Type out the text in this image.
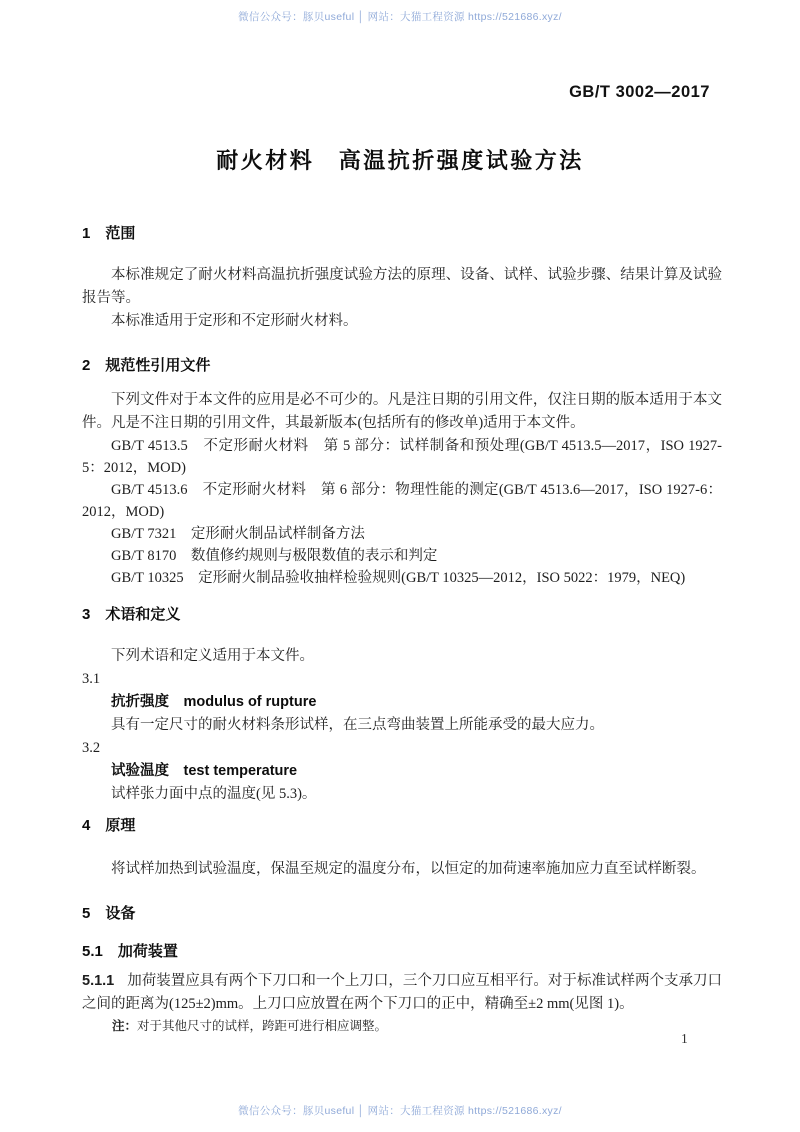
微信公众号：豚贝useful │ 网站：大猫工程资源 https://521686.xyz/
GB/T 3002—2017
耐火材料　高温抗折强度试验方法

1　范围

本标准规定了耐火材料高温抗折强度试验方法的原理、设备、试样、试验步骤、结果计算及试验报告等。

本标准适用于定形和不定形耐火材料。

2　规范性引用文件

下列文件对于本文件的应用是必不可少的。凡是注日期的引用文件，仅注日期的版本适用于本文件。凡是不注日期的引用文件，其最新版本(包括所有的修改单)适用于本文件。

GB/T 4513.5　不定形耐火材料　第 5 部分：试样制备和预处理(GB/T 4513.5—2017，ISO 1927-5：2012，MOD)

GB/T 4513.6　不定形耐火材料　第 6 部分：物理性能的测定(GB/T 4513.6—2017，ISO 1927-6：2012，MOD)

GB/T 7321　定形耐火制品试样制备方法

GB/T 8170　数值修约规则与极限数值的表示和判定

GB/T 10325　定形耐火制品验收抽样检验规则(GB/T 10325—2012，ISO 5022：1979，NEQ)

3　术语和定义

下列术语和定义适用于本文件。

3.1

抗折强度　modulus of rupture

具有一定尺寸的耐火材料条形试样，在三点弯曲装置上所能承受的最大应力。

3.2

试验温度　test temperature

试样张力面中点的温度(见 5.3)。

4　原理

将试样加热到试验温度，保温至规定的温度分布，以恒定的加荷速率施加应力直至试样断裂。

5　设备

5.1　加荷装置

5.1.1 加荷装置应具有两个下刀口和一个上刀口，三个刀口应互相平行。对于标准试样两个支承刀口之间的距离为(125±2)mm。上刀口应放置在两个下刀口的正中，精确至±2 mm(见图 1)。

注：对于其他尺寸的试样，跨距可进行相应调整。

1
微信公众号：豚贝useful │ 网站：大猫工程资源 https://521686.xyz/
